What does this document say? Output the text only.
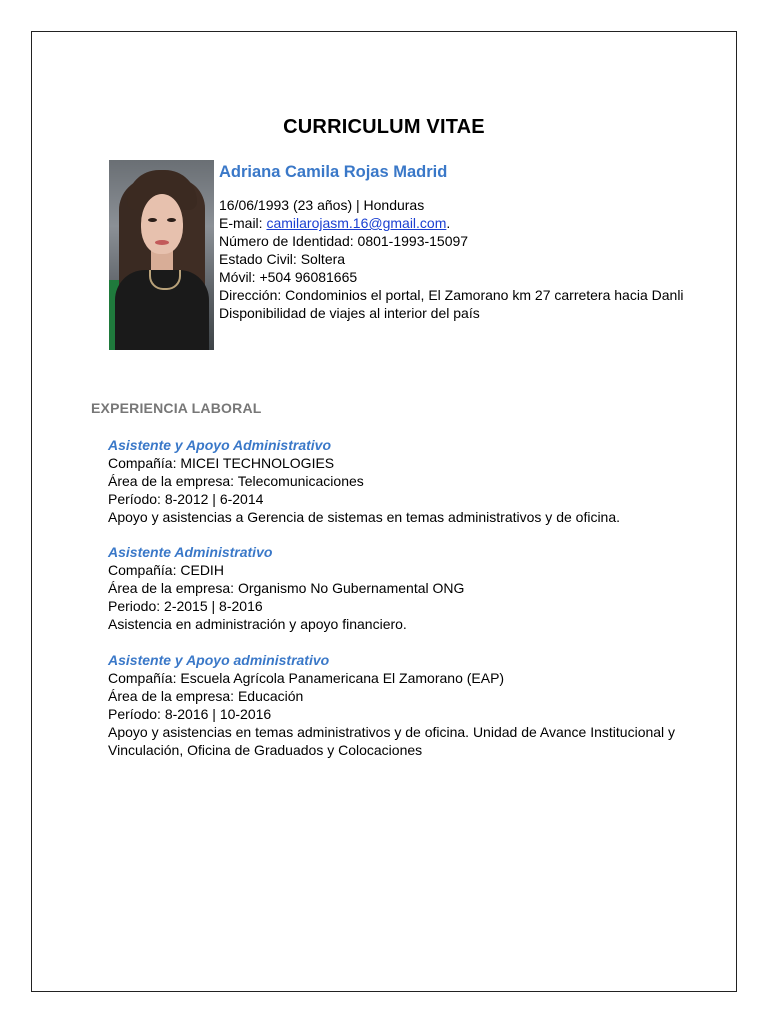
CURRICULUM VITAE
Adriana Camila Rojas Madrid
16/06/1993 (23 años) | Honduras
E-mail: camilarojasm.16@gmail.com.
Número de Identidad: 0801-1993-15097
Estado Civil: Soltera
Móvil: +504 96081665
Dirección: Condominios el portal, El Zamorano km 27 carretera hacia Danli
Disponibilidad de viajes al interior del país
EXPERIENCIA LABORAL
Asistente y Apoyo Administrativo
Compañía: MICEI TECHNOLOGIES
Área de la empresa: Telecomunicaciones
Período: 8-2012 | 6-2014
Apoyo y asistencias a Gerencia de sistemas en temas administrativos y de oficina.
Asistente Administrativo
Compañía: CEDIH
Área de la empresa: Organismo No Gubernamental ONG
Periodo: 2-2015 | 8-2016
Asistencia en administración y apoyo financiero.
Asistente y Apoyo administrativo
Compañía: Escuela Agrícola Panamericana El Zamorano (EAP)
Área de la empresa: Educación
Período: 8-2016 | 10-2016
Apoyo y asistencias en temas administrativos y de oficina. Unidad de Avance Institucional y Vinculación, Oficina de Graduados y Colocaciones
